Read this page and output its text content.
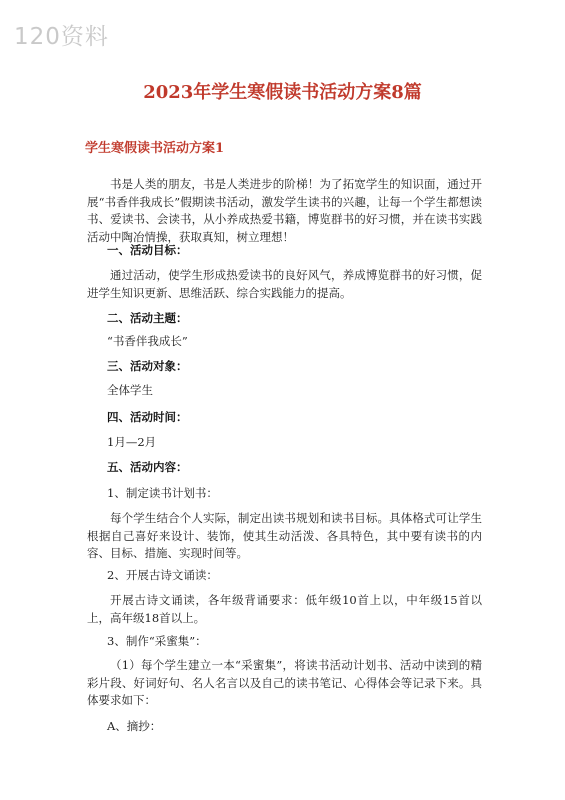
120资料
2023年学生寒假读书活动方案8篇
学生寒假读书活动方案1
书是人类的朋友，书是人类进步的阶梯！为了拓宽学生的知识面，通过开展“书香伴我成长”假期读书活动，激发学生读书的兴趣，让每一个学生都想读书、爱读书、会读书，从小养成热爱书籍，博览群书的好习惯，并在读书实践活动中陶冶情操，获取真知，树立理想！
一、活动目标：
通过活动，使学生形成热爱读书的良好风气，养成博览群书的好习惯，促进学生知识更新、思维活跃、综合实践能力的提高。
二、活动主题：
“书香伴我成长”
三、活动对象：
全体学生
四、活动时间：
1月—2月
五、活动内容：
1、制定读书计划书：
每个学生结合个人实际，制定出读书规划和读书目标。具体格式可让学生根据自己喜好来设计、装饰，使其生动活泼、各具特色，其中要有读书的内容、目标、措施、实现时间等。
2、开展古诗文诵读：
开展古诗文诵读，各年级背诵要求：低年级10首上以，中年级15首以上，高年级18首以上。
3、制作“采蜜集”：
（1）每个学生建立一本“采蜜集”，将读书活动计划书、活动中读到的精彩片段、好词好句、名人名言以及自己的读书笔记、心得体会等记录下来。具体要求如下：
A、摘抄：
